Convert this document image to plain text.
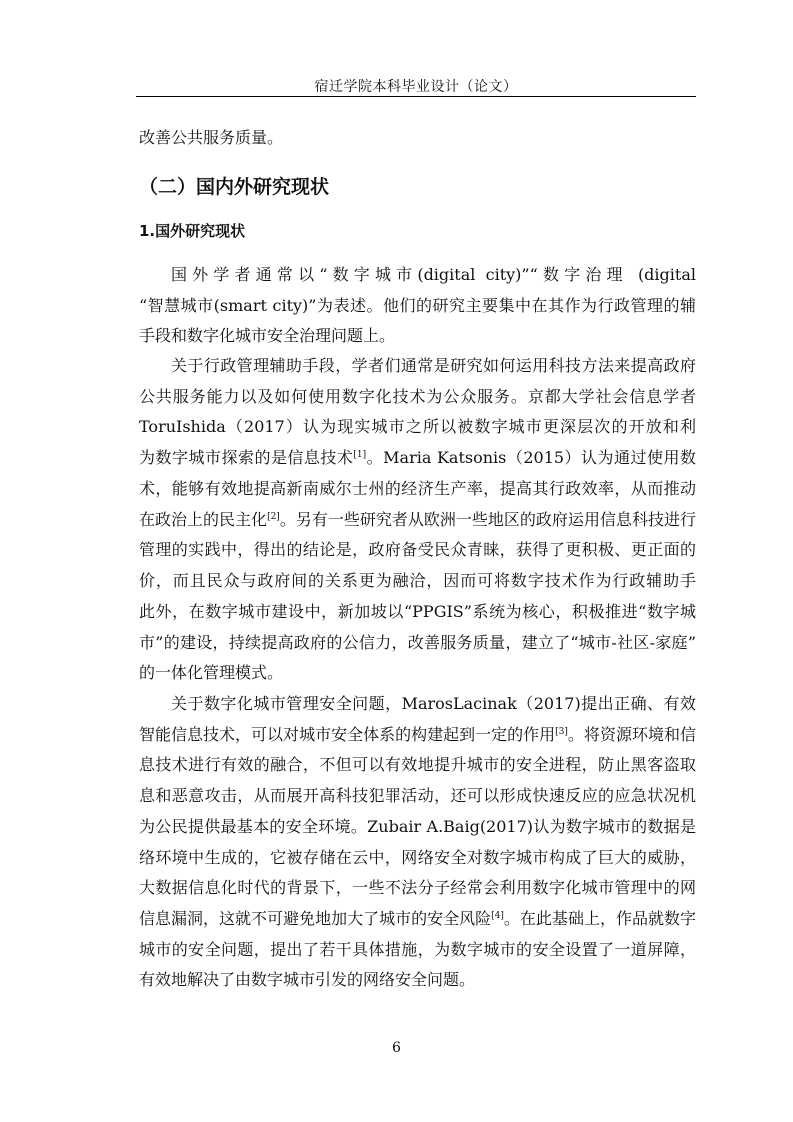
宿迁学院本科毕业设计（论文）
改善公共服务质量。
（二）国内外研究现状
1.国外研究现状
国外学者通常以“数字城市(digital city)”“数字治理 (digital
“智慧城市(smart city)”为表述。他们的研究主要集中在其作为行政管理的辅
手段和数字化城市安全治理问题上。
关于行政管理辅助手段，学者们通常是研究如何运用科技方法来提高政府
公共服务能力以及如何使用数字化技术为公众服务。京都大学社会信息学者
ToruIshida（2017）认为现实城市之所以被数字城市更深层次的开放和利
为数字城市探索的是信息技术[1]。Maria Katsonis（2015）认为通过使用数
术，能够有效地提高新南威尔士州的经济生产率，提高其行政效率，从而推动
在政治上的民主化[2]。另有一些研究者从欧洲一些地区的政府运用信息科技进行
管理的实践中，得出的结论是，政府备受民众青睐，获得了更积极、更正面的
价，而且民众与政府间的关系更为融洽，因而可将数字技术作为行政辅助手
此外，在数字城市建设中，新加坡以“PPGIS”系统为核心，积极推进“数字城
市”的建设，持续提高政府的公信力，改善服务质量，建立了“城市-社区-家庭”
的一体化管理模式。
关于数字化城市管理安全问题，MarosLacinak（2017)提出正确、有效
智能信息技术，可以对城市安全体系的构建起到一定的作用[3]。将资源环境和信
息技术进行有效的融合，不但可以有效地提升城市的安全进程，防止黑客盗取
息和恶意攻击，从而展开高科技犯罪活动，还可以形成快速反应的应急状况机
为公民提供最基本的安全环境。Zubair A.Baig(2017)认为数字城市的数据是
络环境中生成的，它被存储在云中，网络安全对数字城市构成了巨大的威胁，
大数据信息化时代的背景下，一些不法分子经常会利用数字化城市管理中的网
信息漏洞，这就不可避免地加大了城市的安全风险[4]。在此基础上，作品就数字
城市的安全问题，提出了若干具体措施，为数字城市的安全设置了一道屏障，
有效地解决了由数字城市引发的网络安全问题。
6
